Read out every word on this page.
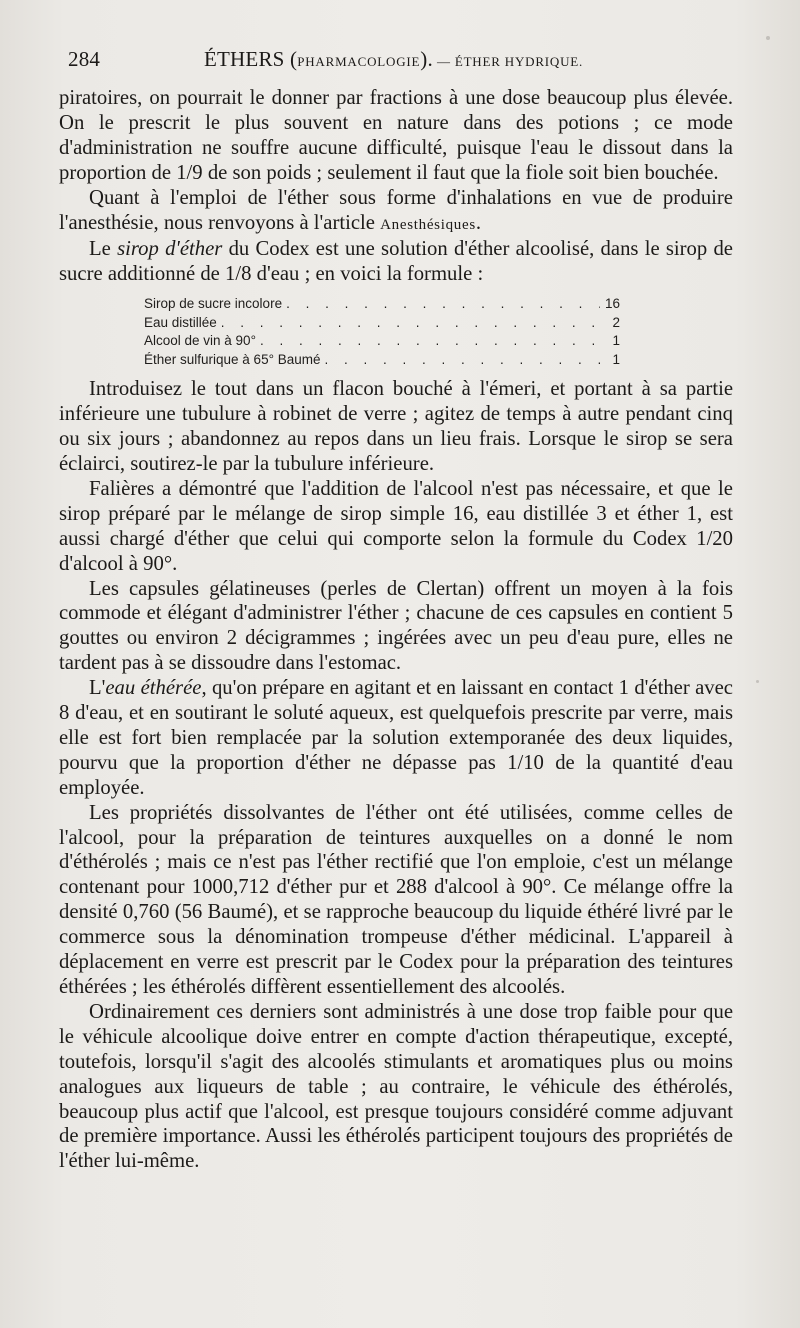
284	ÉTHERS (PHARMACOLOGIE). — ÉTHER HYDRIQUE.

piratoires, on pourrait le donner par fractions à une dose beaucoup plus élevée. On le prescrit le plus souvent en nature dans des potions ; ce mode d'administration ne souffre aucune difficulté, puisque l'eau le dissout dans la proportion de 1/9 de son poids ; seulement il faut que la fiole soit bien bouchée.

Quant à l'emploi de l'éther sous forme d'inhalations en vue de produire l'anesthésie, nous renvoyons à l'article Anesthésiques.

Le sirop d'éther du Codex est une solution d'éther alcoolisé, dans le sirop de sucre additionné de 1/8 d'eau ; en voici la formule :

Sirop de sucre incolore . . .	16
Eau distillée . . .	2
Alcool de vin à 90° . . .	1
Éther sulfurique à 65° Baumé . . .	1

Introduisez le tout dans un flacon bouché à l'émeri, et portant à sa partie inférieure une tubulure à robinet de verre ; agitez de temps à autre pendant cinq ou six jours ; abandonnez au repos dans un lieu frais. Lorsque le sirop se sera éclairci, soutirez-le par la tubulure inférieure.

Falières a démontré que l'addition de l'alcool n'est pas nécessaire, et que le sirop préparé par le mélange de sirop simple 16, eau distillée 3 et éther 1, est aussi chargé d'éther que celui qui comporte selon la formule du Codex 1/20 d'alcool à 90°.

Les capsules gélatineuses (perles de Clertan) offrent un moyen à la fois commode et élégant d'administrer l'éther ; chacune de ces capsules en contient 5 gouttes ou environ 2 décigrammes ; ingérées avec un peu d'eau pure, elles ne tardent pas à se dissoudre dans l'estomac.

L'eau éthérée, qu'on prépare en agitant et en laissant en contact 1 d'éther avec 8 d'eau, et en soutirant le soluté aqueux, est quelquefois prescrite par verre, mais elle est fort bien remplacée par la solution extemporanée des deux liquides, pourvu que la proportion d'éther ne dépasse pas 1/10 de la quantité d'eau employée.

Les propriétés dissolvantes de l'éther ont été utilisées, comme celles de l'alcool, pour la préparation de teintures auxquelles on a donné le nom d'éthérolés ; mais ce n'est pas l'éther rectifié que l'on emploie, c'est un mélange contenant pour 1000,712 d'éther pur et 288 d'alcool à 90°. Ce mélange offre la densité 0,760 (56 Baumé), et se rapproche beaucoup du liquide éthéré livré par le commerce sous la dénomination trompeuse d'éther médicinal. L'appareil à déplacement en verre est prescrit par le Codex pour la préparation des teintures éthérées ; les éthérolés diffèrent essentiellement des alcoolés.

Ordinairement ces derniers sont administrés à une dose trop faible pour que le véhicule alcoolique doive entrer en compte d'action thérapeutique, excepté, toutefois, lorsqu'il s'agit des alcoolés stimulants et aromatiques plus ou moins analogues aux liqueurs de table ; au contraire, le véhicule des éthérolés, beaucoup plus actif que l'alcool, est presque toujours considéré comme adjuvant de première importance. Aussi les éthérolés participent toujours des propriétés de l'éther lui-même.
